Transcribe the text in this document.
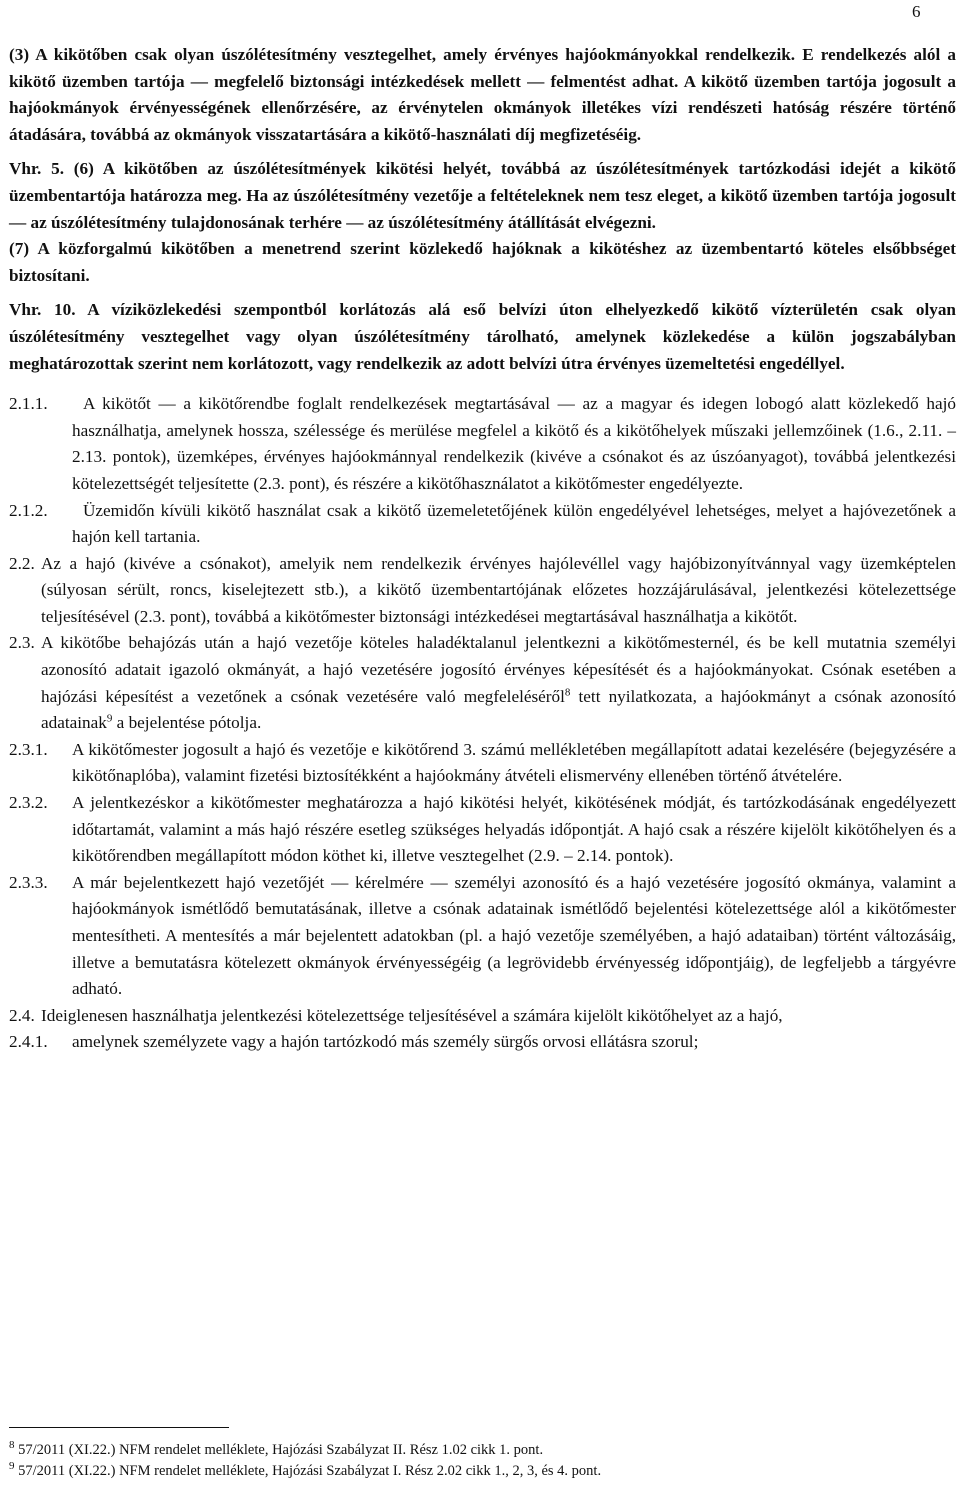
6

(3) A kikötőben csak olyan úszólétesítmény vesztegelhet, amely érvényes hajóokmányokkal rendelkezik. E rendelkezés alól a kikötő üzemben tartója — megfelelő biztonsági intézkedések mellett — felmentést adhat. A kikötő üzemben tartója jogosult a hajóokmányok érvényességének ellenőrzésére, az érvénytelen okmányok illetékes vízi rendészeti hatóság részére történő átadására, továbbá az okmányok visszatartására a kikötő-használati díj megfizetéséig.

Vhr. 5. (6) A kikötőben az úszólétesítmények kikötési helyét, továbbá az úszólétesítmények tartózkodási idejét a kikötő üzembentartója határozza meg. Ha az úszólétesítmény vezetője a feltételeknek nem tesz eleget, a kikötő üzemben tartója jogosult — az úszólétesítmény tulajdonosának terhére — az úszólétesítmény átállítását elvégezni.

(7) A közforgalmú kikötőben a menetrend szerint közlekedő hajóknak a kikötéshez az üzembentartó köteles elsőbbséget biztosítani.

Vhr. 10. A víziközlekedési szempontból korlátozás alá eső belvízi úton elhelyezkedő kikötő vízterületén csak olyan úszólétesítmény vesztegelhet vagy olyan úszólétesítmény tárolható, amelynek közlekedése a külön jogszabályban meghatározottak szerint nem korlátozott, vagy rendelkezik az adott belvízi útra érvényes üzemeltetési engedéllyel.

2.1.1. A kikötőt — a kikötőrendbe foglalt rendelkezések megtartásával — az a magyar és idegen lobogó alatt közlekedő hajó használhatja, amelynek hossza, szélessége és merülése megfelel a kikötő és a kikötőhelyek műszaki jellemzőinek (1.6., 2.11. – 2.13. pontok), üzemképes, érvényes hajóokmánnyal rendelkezik (kivéve a csónakot és az úszóanyagot), továbbá jelentkezési kötelezettségét teljesítette (2.3. pont), és részére a kikötőhasználatot a kikötőmester engedélyezte.
2.1.2. Üzemidőn kívüli kikötő használat csak a kikötő üzemeletetőjének külön engedélyével lehetséges, melyet a hajóvezetőnek a hajón kell tartania.
2.2. Az a hajó (kivéve a csónakot), amelyik nem rendelkezik érvényes hajólevéllel vagy hajóbizonyítvánnyal vagy üzemképtelen (súlyosan sérült, roncs, kiselejtezett stb.), a kikötő üzembentartójának előzetes hozzájárulásával, jelentkezési kötelezettsége teljesítésével (2.3. pont), továbbá a kikötőmester biztonsági intézkedései megtartásával használhatja a kikötőt.
2.3. A kikötőbe behajózás után a hajó vezetője köteles haladéktalanul jelentkezni a kikötőmesternél, és be kell mutatnia személyi azonosító adatait igazoló okmányát, a hajó vezetésére jogosító érvényes képesítését és a hajóokmányokat. Csónak esetében a hajózási képesítést a vezetőnek a csónak vezetésére való megfeleléséről$^8$ tett nyilatkozata, a hajóokmányt a csónak azonosító adatainak$^9$ a bejelentése pótolja.
2.3.1. A kikötőmester jogosult a hajó és vezetője e kikötőrend 3. számú mellékletében megállapított adatai kezelésére (bejegyzésére a kikötőnaplóba), valamint fizetési biztosítékként a hajóokmány átvételi elismervény ellenében történő átvételére.
2.3.2. A jelentkezéskor a kikötőmester meghatározza a hajó kikötési helyét, kikötésének módját, és tartózkodásának engedélyezett időtartamát, valamint a más hajó részére esetleg szükséges helyadás időpontját. A hajó csak a részére kijelölt kikötőhelyen és a kikötőrendben megállapított módon köthet ki, illetve vesztegelhet (2.9. – 2.14. pontok).
2.3.3. A már bejelentkezett hajó vezetőjét — kérelmére — személyi azonosító és a hajó vezetésére jogosító okmánya, valamint a hajóokmányok ismétlődő bemutatásának, illetve a csónak adatainak ismétlődő bejelentési kötelezettsége alól a kikötőmester mentesítheti. A mentesítés a már bejelentett adatokban (pl. a hajó vezetője személyében, a hajó adataiban) történt változásáig, illetve a bemutatásra kötelezett okmányok érvényességéig (a legrövidebb érvényesség időpontjáig), de legfeljebb a tárgyévre adható.
2.4. Ideiglenesen használhatja jelentkezési kötelezettsége teljesítésével a számára kijelölt kikötőhelyet az a hajó,
2.4.1. amelynek személyzete vagy a hajón tartózkodó más személy sürgős orvosi ellátásra szorul;
$^8$ 57/2011 (XI.22.) NFM rendelet melléklete, Hajózási Szabályzat II. Rész 1.02 cikk 1. pont.
$^9$ 57/2011 (XI.22.) NFM rendelet melléklete, Hajózási Szabályzat I. Rész 2.02 cikk 1., 2, 3, és 4. pont.
